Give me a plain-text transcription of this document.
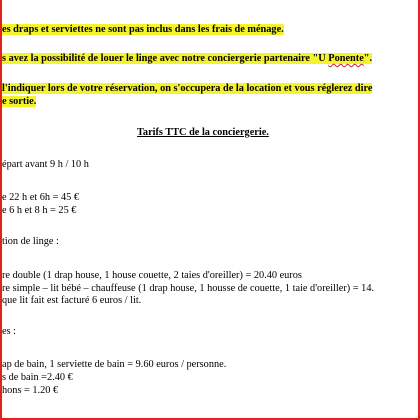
es draps et serviettes ne sont pas inclus dans les frais de ménage.

s avez la possibilité de louer le linge avec notre conciergerie partenaire "U Ponente".

l'indiquer lors de votre réservation, on s'occupera de la location et vous réglerez dire

e sortie.

Tarifs TTC de la conciergerie.

épart avant 9 h / 10 h

e 22 h et 6h = 45 €

e 6 h et 8 h = 25 €

tion de linge :

re double (1 drap house, 1 house couette, 2 taies d'oreiller) = 20.40 euros

re simple – lit bébé – chauffeuse (1 drap house, 1 housse de couette, 1 taie d'oreiller) = 14.

que lit fait est facturé 6 euros / lit.

es :

ap de bain, 1 serviette de bain = 9.60 euros / personne.

s de bain =2.40 €

hons = 1.20 €
